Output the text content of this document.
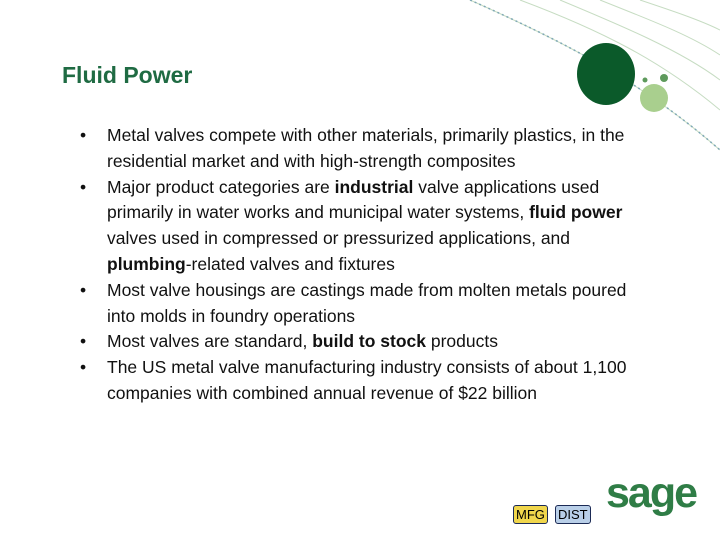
Fluid Power
• Metal valves compete with other materials, primarily plastics, in the residential market and with high-strength composites
• Major product categories are industrial valve applications used primarily in water works and municipal water systems, fluid power valves used in compressed or pressurized applications, and plumbing-related valves and fixtures
• Most valve housings are castings made from molten metals poured into molds in foundry operations
• Most valves are standard, build to stock products
• The US metal valve manufacturing industry consists of about 1,100 companies with combined annual revenue of $22 billion
MFG DIST sage
